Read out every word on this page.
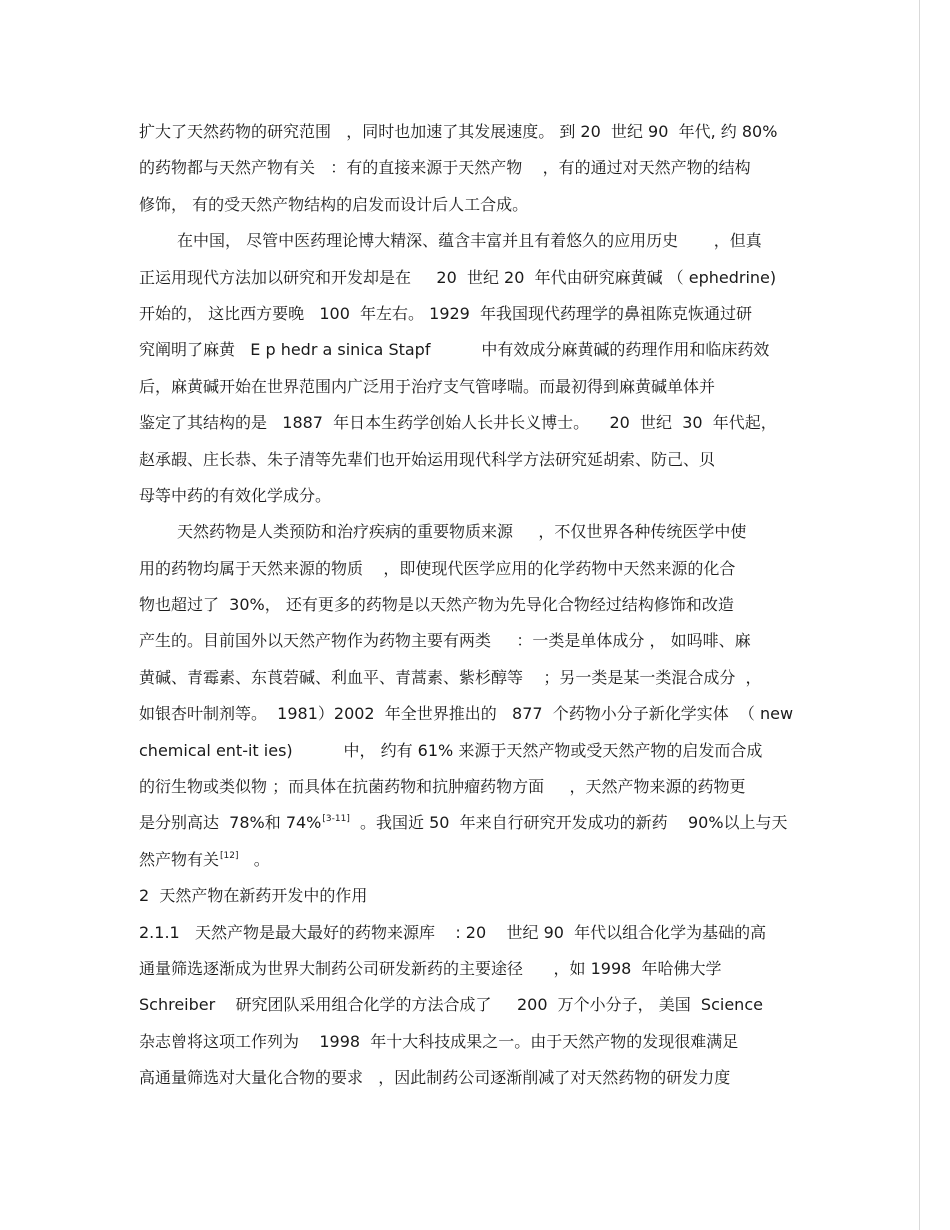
扩大了天然药物的研究范围   ，同时也加速了其发展速度。 到 20  世纪 90  年代, 约 80%
的药物都与天然产物有关   ：有的直接来源于天然产物    ，有的通过对天然产物的结构
修饰， 有的受天然产物结构的启发而设计后人工合成。
在中国， 尽管中医药理论博大精深、蕴含丰富并且有着悠久的应用历史       ，但真
正运用现代方法加以研究和开发却是在     20  世纪 20  年代由研究麻黄碱 （ ephedrine)
开始的， 这比西方要晚   100  年左右。 1929  年我国现代药理学的鼻祖陈克恢通过研
究阐明了麻黄   E p hedr a sinica Stapf          中有效成分麻黄碱的药理作用和临床药效
后，麻黄碱开始在世界范围内广泛用于治疗支气管哮喘。而最初得到麻黄碱单体并
鉴定了其结构的是   1887  年日本生药学创始人长井长义博士。    20  世纪  30  年代起，
赵承嘏、庄长恭、朱子清等先辈们也开始运用现代科学方法研究延胡索、防己、贝
母等中药的有效化学成分。
天然药物是人类预防和治疗疾病的重要物质来源     ，不仅世界各种传统医学中使
用的药物均属于天然来源的物质    ，即使现代医学应用的化学药物中天然来源的化合
物也超过了  30%， 还有更多的药物是以天然产物为先导化合物经过结构修饰和改造
产生的。目前国外以天然产物作为药物主要有两类     ：一类是单体成分 ， 如吗啡、麻
黄碱、青霉素、东莨菪碱、利血平、青蒿素、紫杉醇等    ；另一类是某一类混合成分  ，
如银杏叶制剂等。  1981）2002  年全世界推出的   877  个药物小分子新化学实体  （ new
chemical ent-it ies)          中， 约有 61% 来源于天然产物或受天然产物的启发而合成
的衍生物或类似物 ；而具体在抗菌药物和抗肿瘤药物方面     ，天然产物来源的药物更
是分别高达  78%和 74%[3-11]  。我国近 50  年来自行研究开发成功的新药    90%以上与天
然产物有关[12]   。
2  天然产物在新药开发中的作用
2.1.1   天然产物是最大最好的药物来源库    : 20    世纪 90  年代以组合化学为基础的高
通量筛选逐渐成为世界大制药公司研发新药的主要途径      ，如 1998  年哈佛大学
Schreiber    研究团队采用组合化学的方法合成了     200  万个小分子， 美国  Science
杂志曾将这项工作列为    1998  年十大科技成果之一。由于天然产物的发现很难满足
高通量筛选对大量化合物的要求   ，因此制药公司逐渐削减了对天然药物的研发力度
